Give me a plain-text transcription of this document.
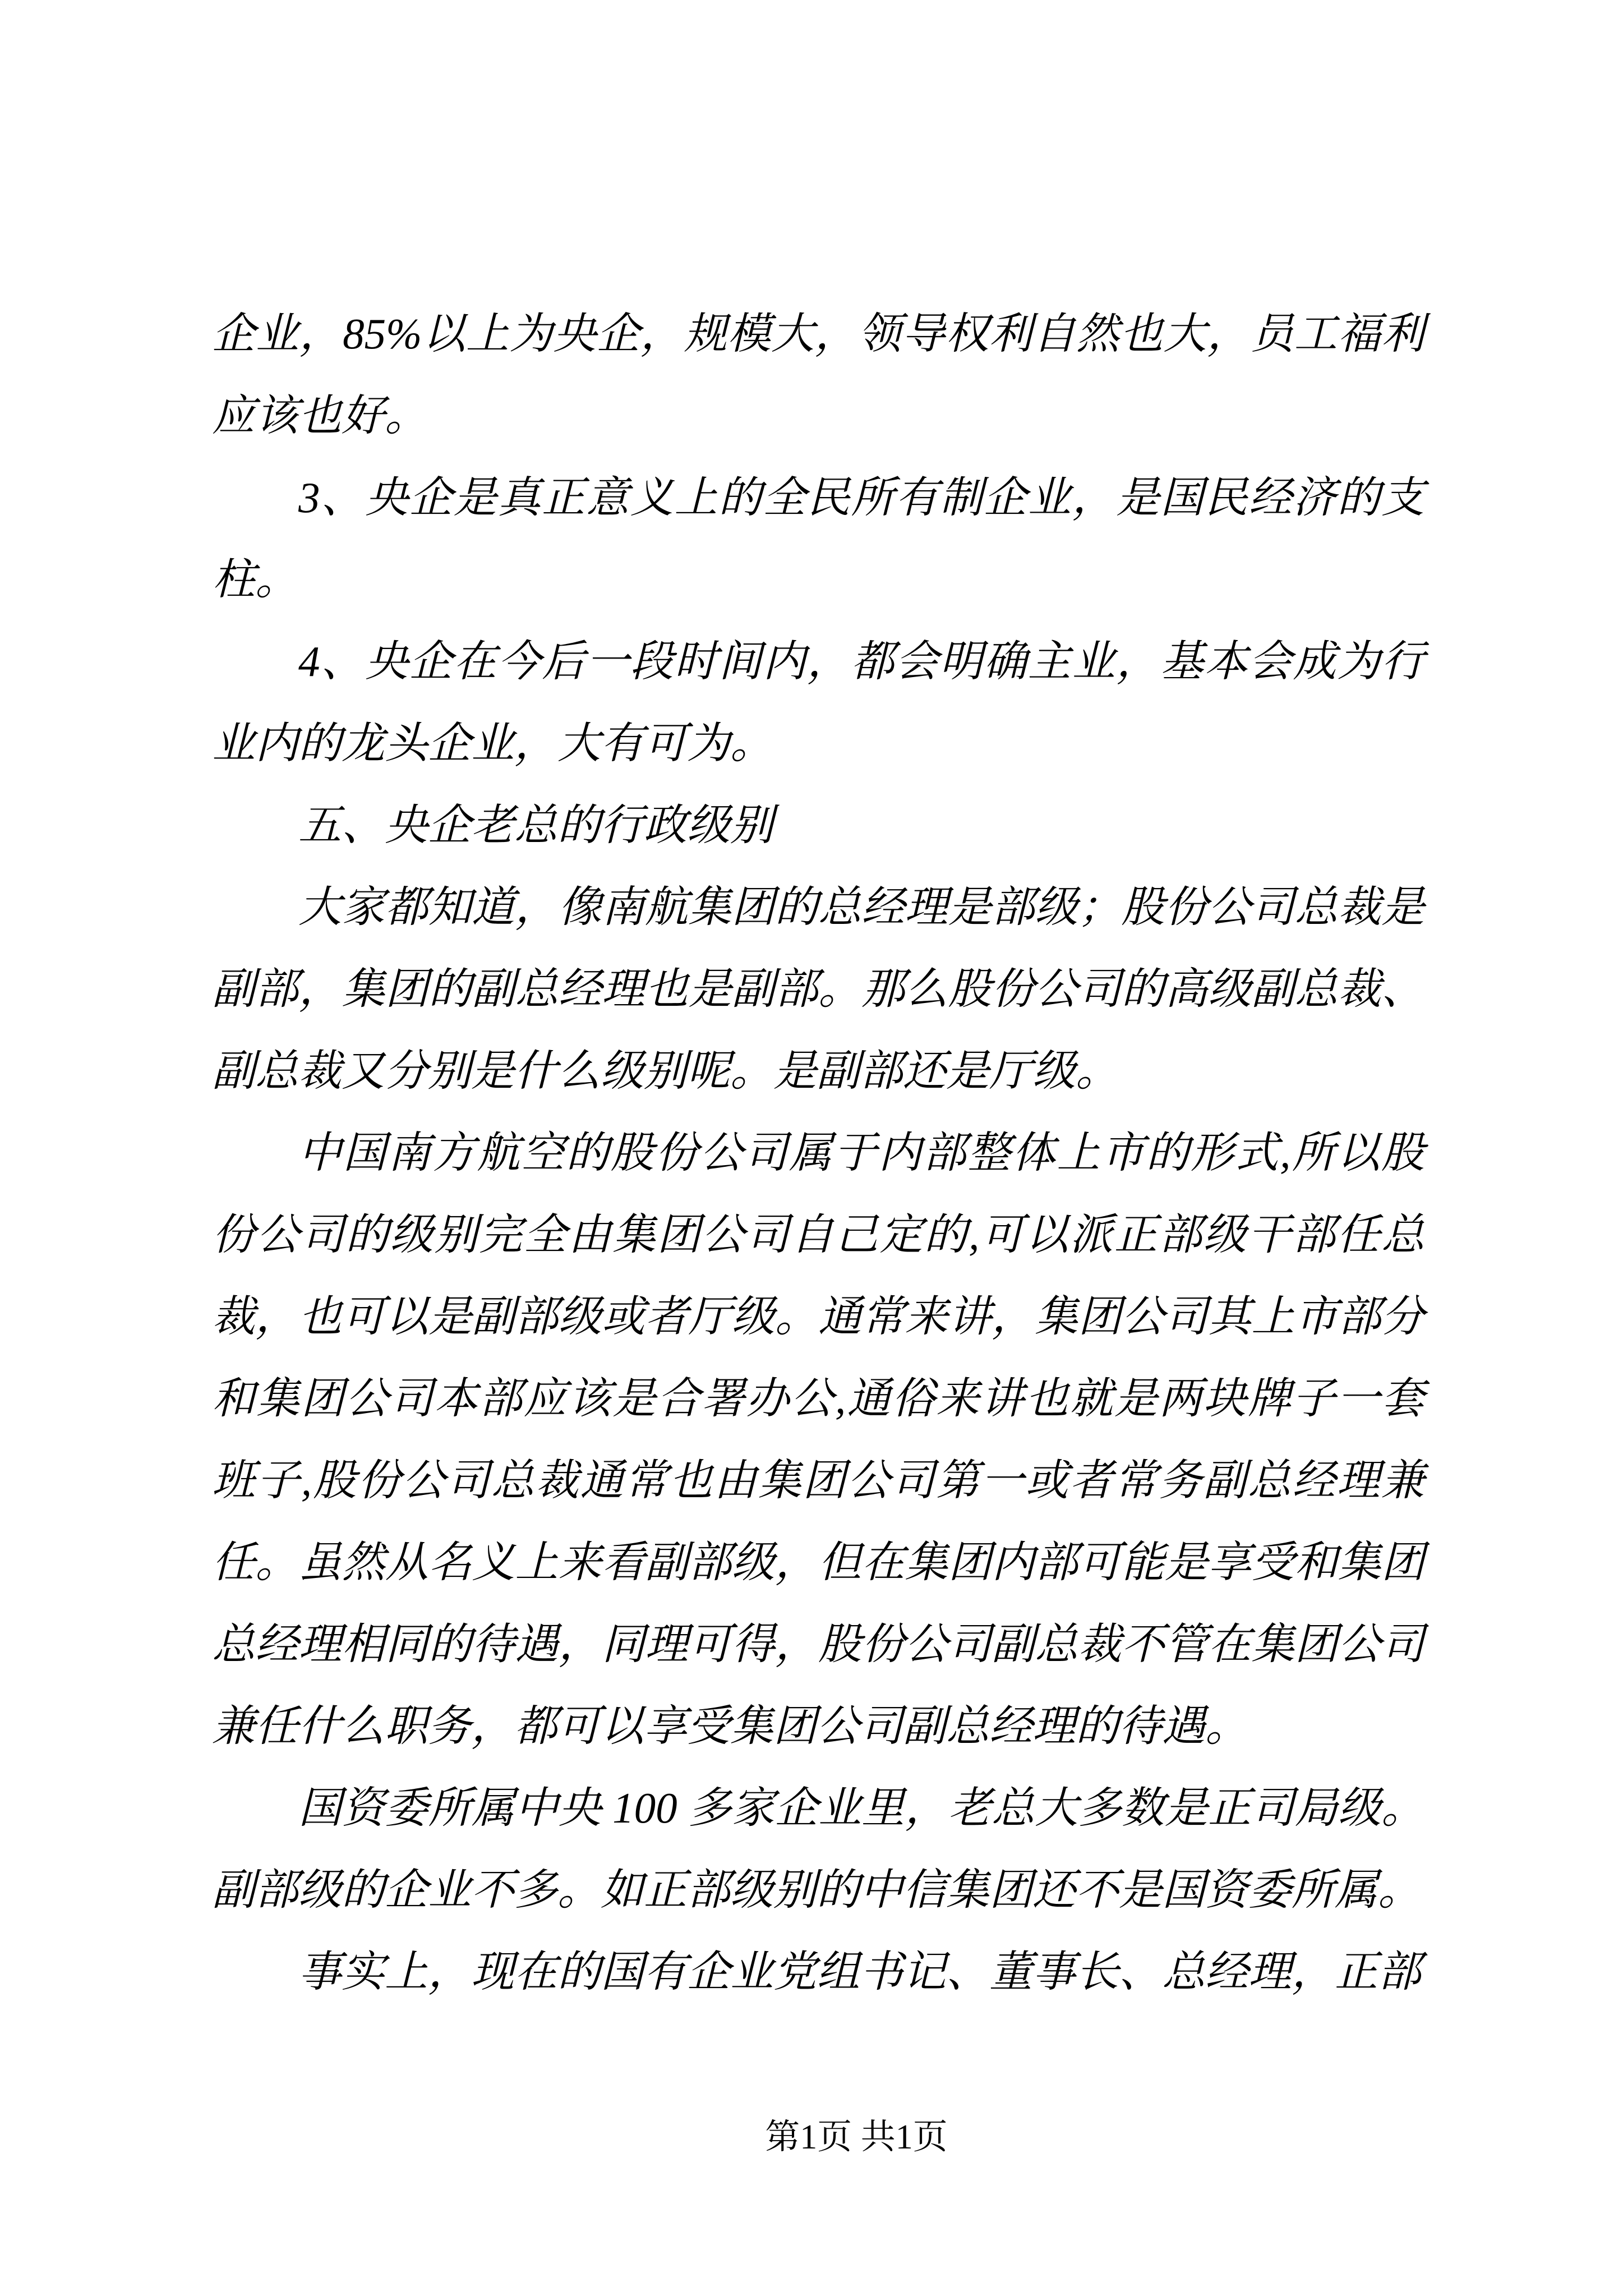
企业，85%以上为央企，规模大，领导权利自然也大，员工福利应该也好。

3、央企是真正意义上的全民所有制企业，是国民经济的支柱。

4、央企在今后一段时间内，都会明确主业，基本会成为行业内的龙头企业，大有可为。

五、央企老总的行政级别

大家都知道，像南航集团的总经理是部级；股份公司总裁是副部，集团的副总经理也是副部。那么股份公司的高级副总裁、副总裁又分别是什么级别呢。是副部还是厅级。

中国南方航空的股份公司属于内部整体上市的形式,所以股份公司的级别完全由集团公司自己定的,可以派正部级干部任总裁，也可以是副部级或者厅级。通常来讲，集团公司其上市部分和集团公司本部应该是合署办公,通俗来讲也就是两块牌子一套班子,股份公司总裁通常也由集团公司第一或者常务副总经理兼任。虽然从名义上来看副部级，但在集团内部可能是享受和集团总经理相同的待遇，同理可得，股份公司副总裁不管在集团公司兼任什么职务，都可以享受集团公司副总经理的待遇。

国资委所属中央 100 多家企业里，老总大多数是正司局级。副部级的企业不多。如正部级别的中信集团还不是国资委所属。

事实上，现在的国有企业党组书记、董事长、总经理，正部

第1页 共1页
